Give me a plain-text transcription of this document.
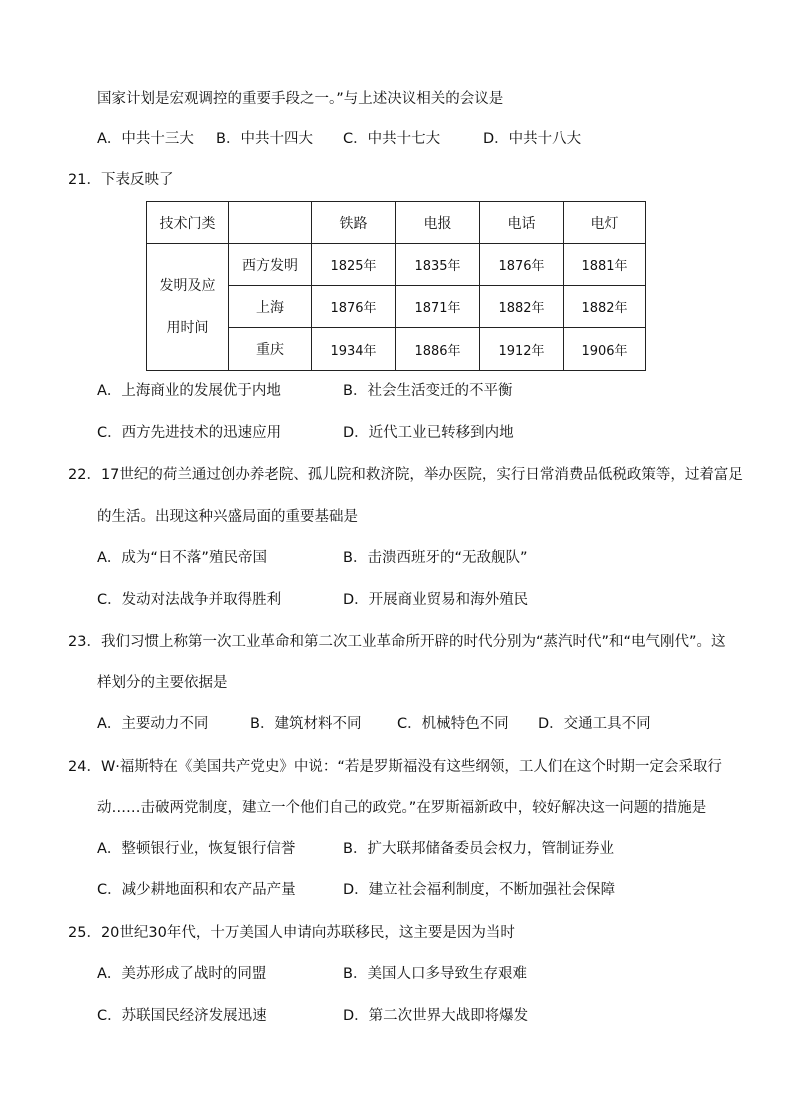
国家计划是宏观调控的重要手段之一。”与上述决议相关的会议是
A．中共十三大 B．中共十四大 C．中共十七大	D．中共十八大
21．下表反映了
技术门类		铁路	电报	电话	电灯

发明及应
用时间	西方发明	1825年	1835年	1876年	1881年
	上海	1876年	1871年	1882年	1882年
	重庆	1934年	1886年	1912年	1906年
A．上海商业的发展优于内地	B．社会生活变迁的不平衡
C．西方先进技术的迅速应用	D．近代工业已转移到内地
22．17世纪的荷兰通过创办养老院、孤儿院和救济院，举办医院，实行日常消费品低税政策等，过着富足
的生活。出现这种兴盛局面的重要基础是
A．成为“日不落”殖民帝国	B．击溃西班牙的“无敌舰队”
C．发动对法战争并取得胜利	D．开展商业贸易和海外殖民
23．我们习惯上称第一次工业革命和第二次工业革命所开辟的时代分别为“蒸汽时代”和“电气刚代”。这
样划分的主要依据是
A．主要动力不同	B．建筑材料不同 C．机械特色不同 D．交通工具不同
24．W·福斯特在《美国共产党史》中说：“若是罗斯福没有这些纲领，工人们在这个时期一定会采取行
动……击破两党制度，建立一个他们自己的政党。”在罗斯福新政中，较好解决这一问题的措施是
A．整顿银行业，恢复银行信誉	B．扩大联邦储备委员会权力，管制证券业
C．减少耕地面积和农产品产量	D．建立社会福利制度，不断加强社会保障
25．20世纪30年代，十万美国人申请向苏联移民，这主要是因为当时
A．美苏形成了战时的同盟	B．美国人口多导致生存艰难
C．苏联国民经济发展迅速	D．第二次世界大战即将爆发
